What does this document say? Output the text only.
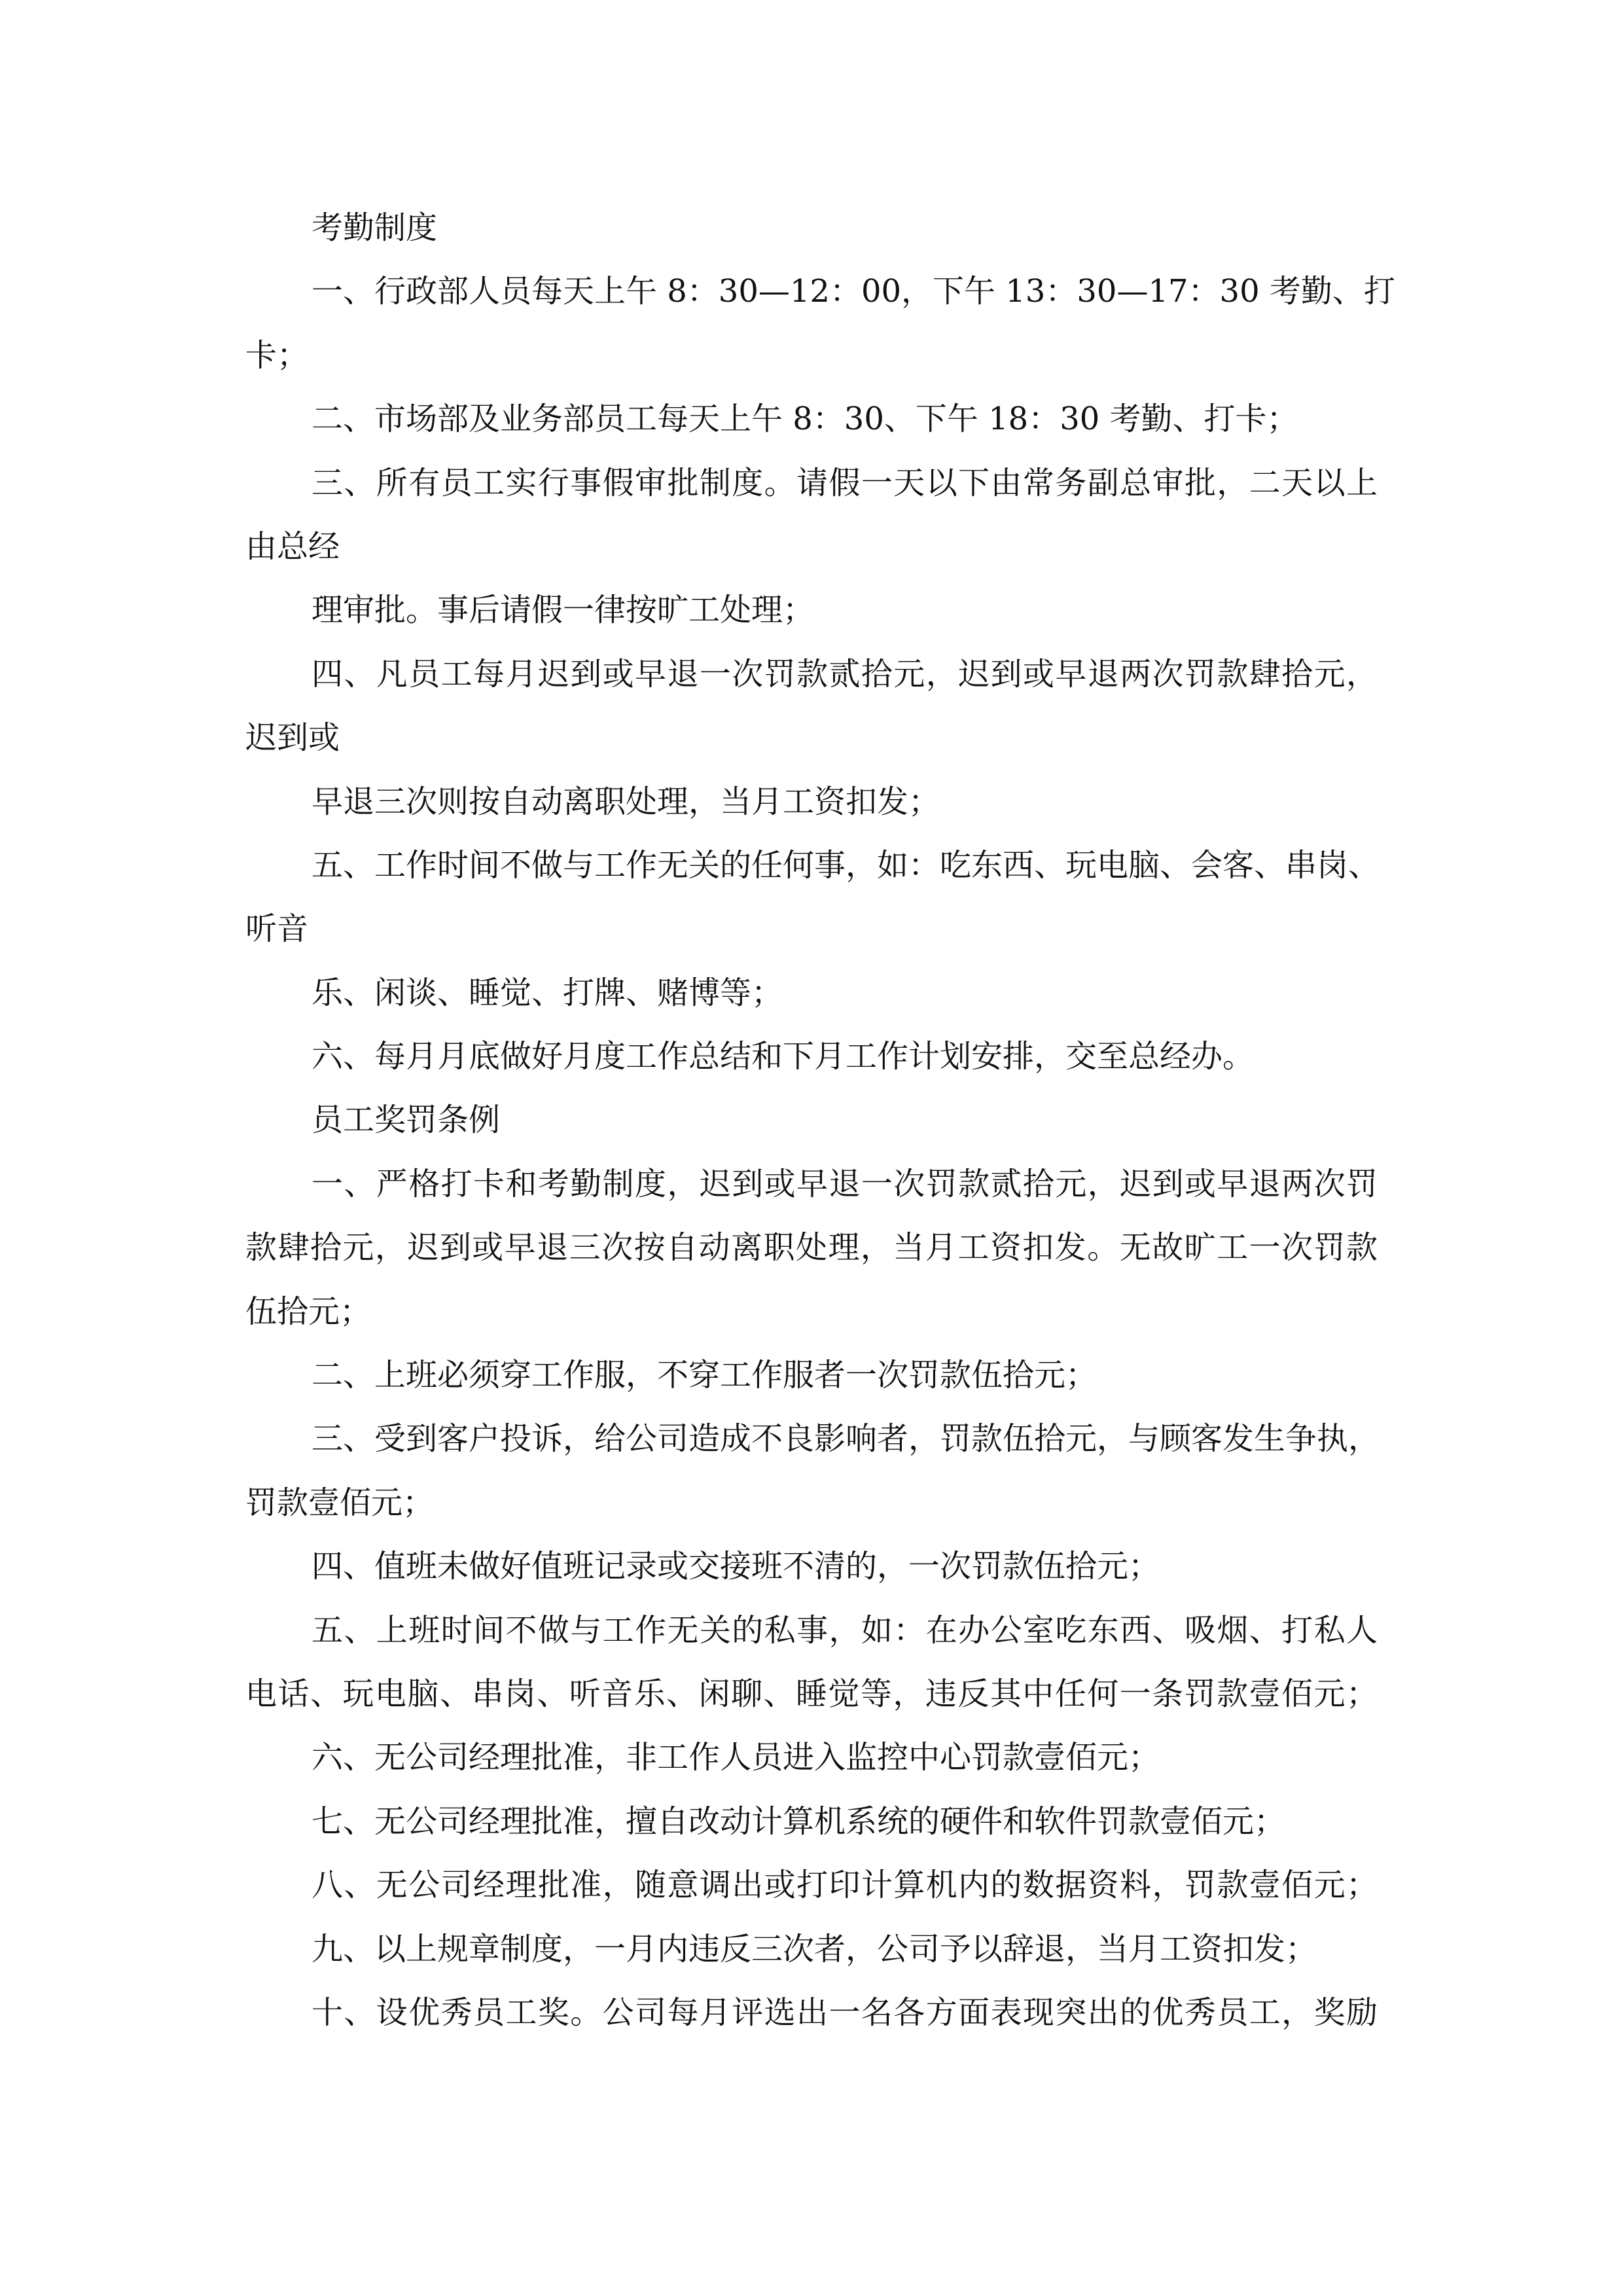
考勤制度
一、行政部人员每天上午 8：30—12：00，下午 13：30—17：30 考勤、打
卡；
二、市场部及业务部员工每天上午 8：30、下午 18：30 考勤、打卡；
三、所有员工实行事假审批制度。请假一天以下由常务副总审批，二天以上
由总经
理审批。事后请假一律按旷工处理；
四、凡员工每月迟到或早退一次罚款贰拾元，迟到或早退两次罚款肆拾元，
迟到或
早退三次则按自动离职处理，当月工资扣发；
五、工作时间不做与工作无关的任何事，如：吃东西、玩电脑、会客、串岗、
听音
乐、闲谈、睡觉、打牌、赌博等；
六、每月月底做好月度工作总结和下月工作计划安排，交至总经办。
员工奖罚条例
一、严格打卡和考勤制度，迟到或早退一次罚款贰拾元，迟到或早退两次罚
款肆拾元，迟到或早退三次按自动离职处理，当月工资扣发。无故旷工一次罚款
伍拾元；
二、上班必须穿工作服，不穿工作服者一次罚款伍拾元；
三、受到客户投诉，给公司造成不良影响者，罚款伍拾元，与顾客发生争执，
罚款壹佰元；
四、值班未做好值班记录或交接班不清的，一次罚款伍拾元；
五、上班时间不做与工作无关的私事，如：在办公室吃东西、吸烟、打私人
电话、玩电脑、串岗、听音乐、闲聊、睡觉等，违反其中任何一条罚款壹佰元；
六、无公司经理批准，非工作人员进入监控中心罚款壹佰元；
七、无公司经理批准，擅自改动计算机系统的硬件和软件罚款壹佰元；
八、无公司经理批准，随意调出或打印计算机内的数据资料，罚款壹佰元；
九、以上规章制度，一月内违反三次者，公司予以辞退，当月工资扣发；
十、设优秀员工奖。公司每月评选出一名各方面表现突出的优秀员工，奖励
